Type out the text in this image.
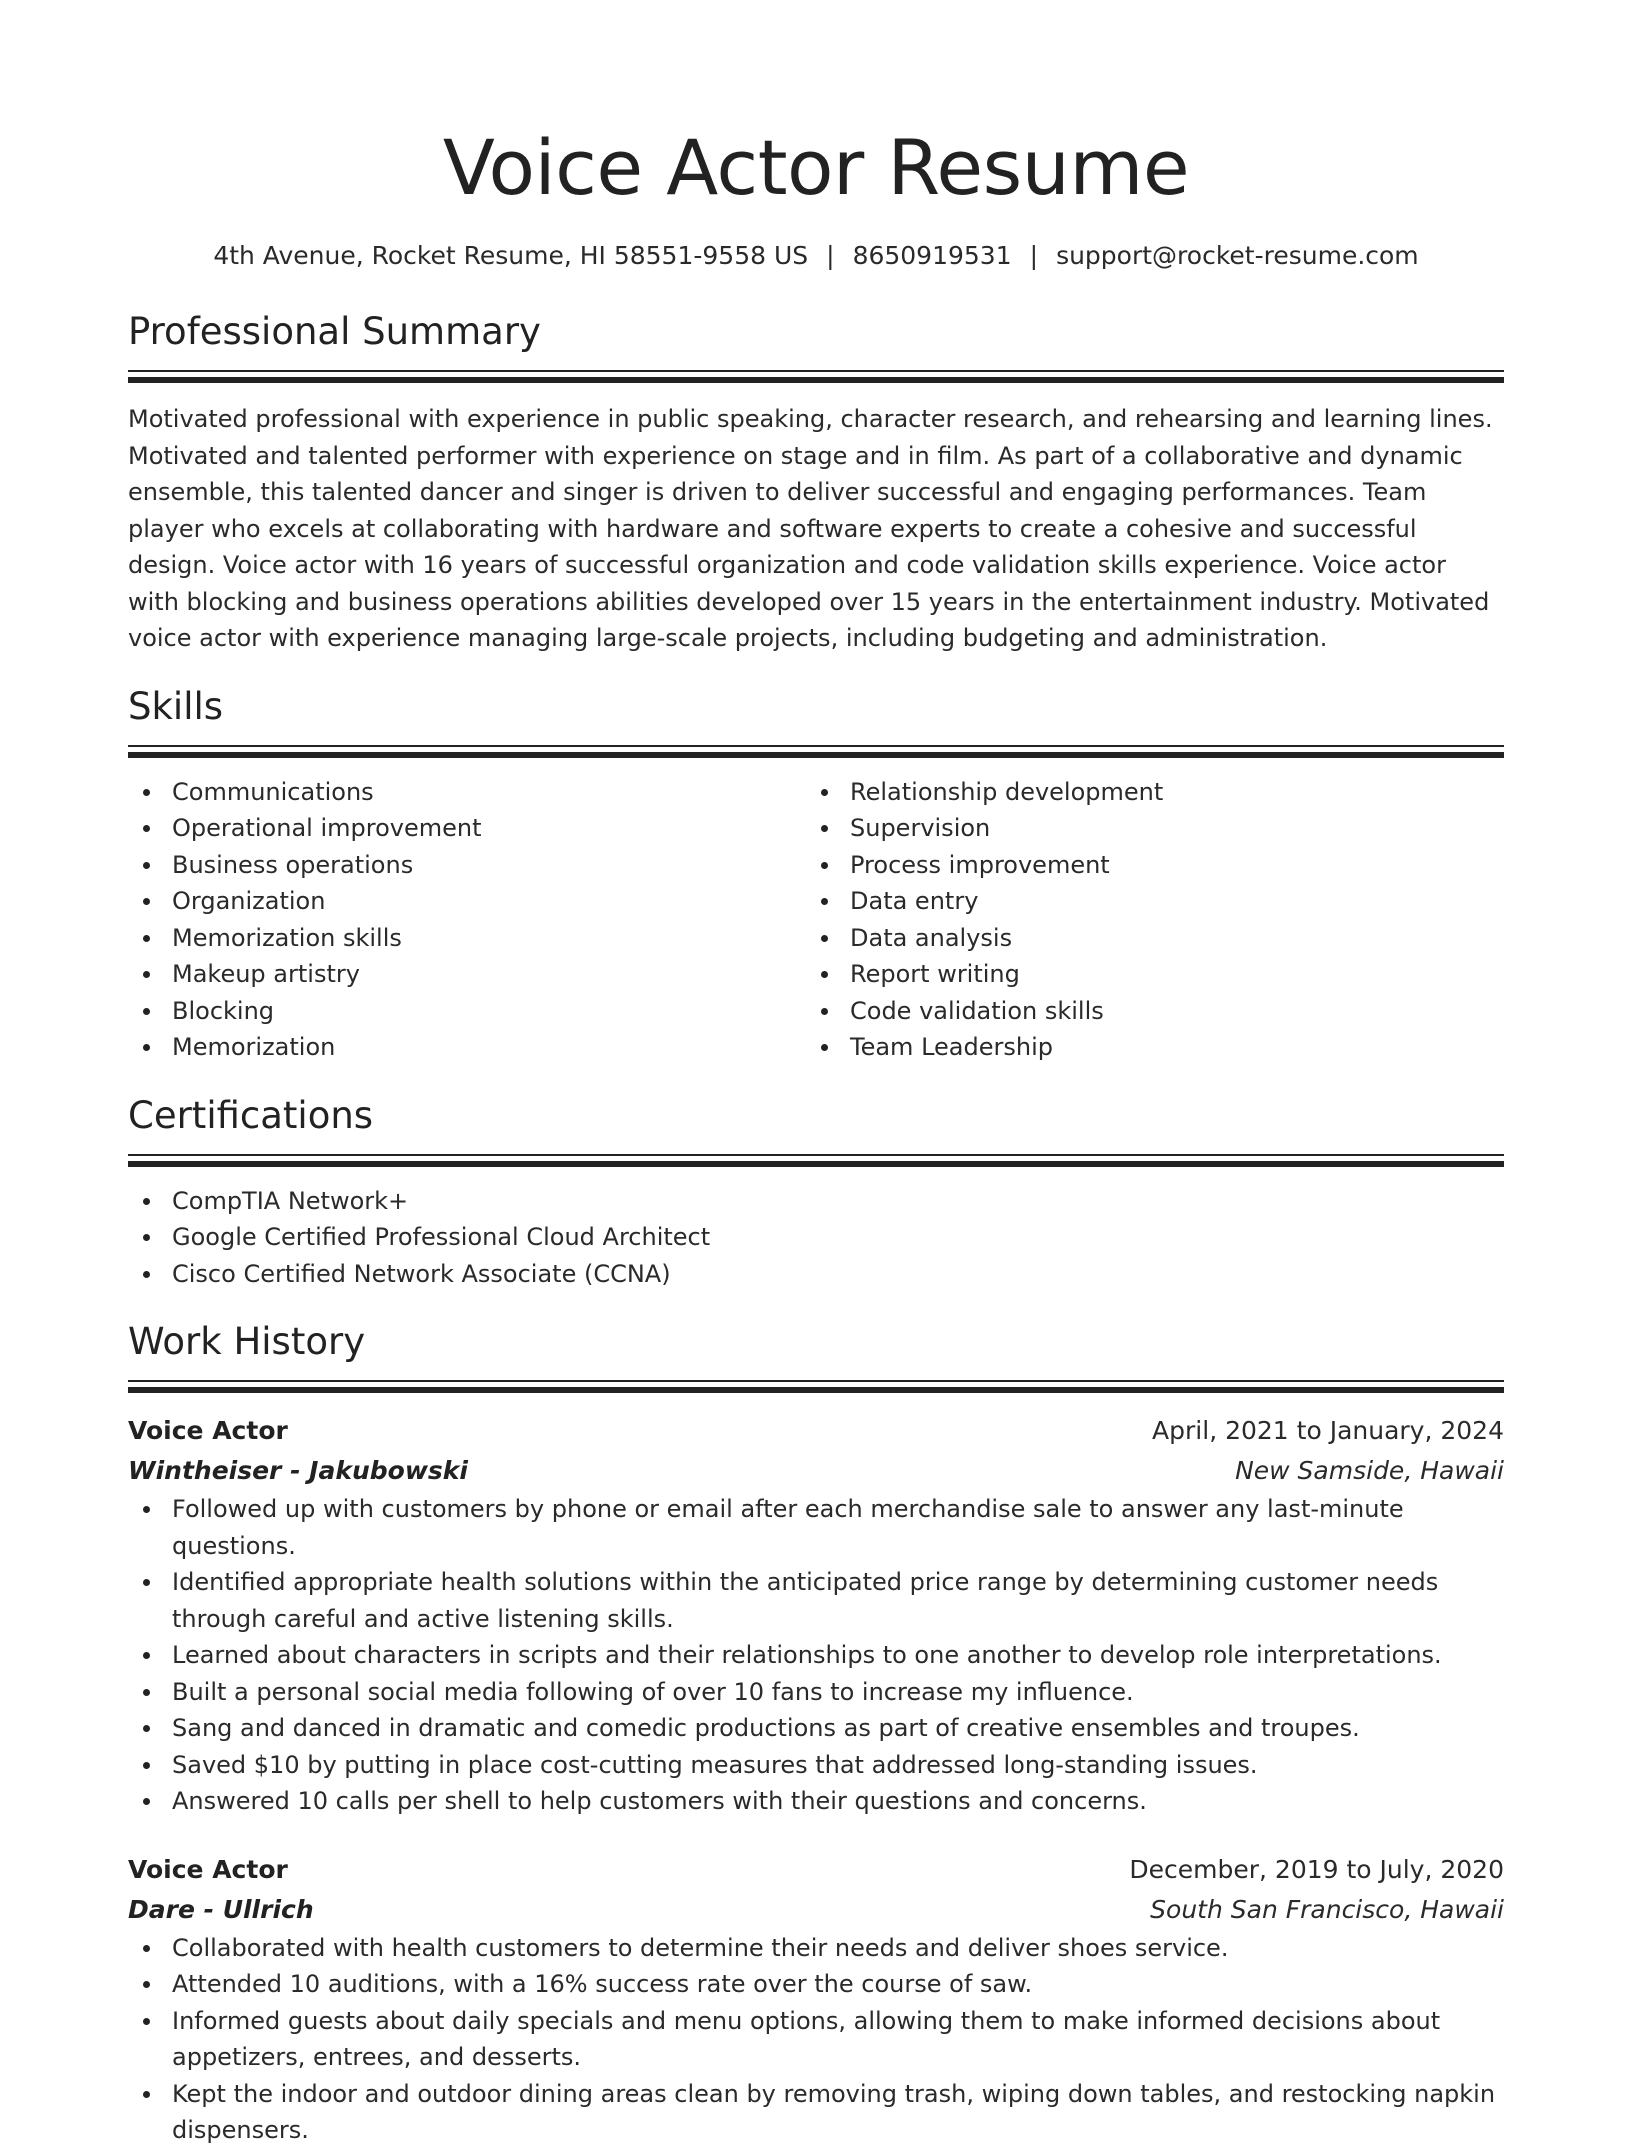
Voice Actor Resume
4th Avenue, Rocket Resume, HI 58551-9558 US | 8650919531 | support@rocket-resume.com
Professional Summary

Motivated professional with experience in public speaking, character research, and rehearsing and learning lines. Motivated and talented performer with experience on stage and in film. As part of a collaborative and dynamic ensemble, this talented dancer and singer is driven to deliver successful and engaging performances. Team player who excels at collaborating with hardware and software experts to create a cohesive and successful design. Voice actor with 16 years of successful organization and code validation skills experience. Voice actor with blocking and business operations abilities developed over 15 years in the entertainment industry. Motivated voice actor with experience managing large-scale projects, including budgeting and administration.

Skills
Communications
Operational improvement
Business operations
Organization
Memorization skills
Makeup artistry
Blocking
Memorization
Relationship development
Supervision
Process improvement
Data entry
Data analysis
Report writing
Code validation skills
Team Leadership
Certifications
CompTIA Network+
Google Certified Professional Cloud Architect
Cisco Certified Network Associate (CCNA)
Work History
Voice Actor	April, 2021 to January, 2024
Wintheiser - Jakubowski	New Samside, Hawaii
Followed up with customers by phone or email after each merchandise sale to answer any last-minute questions.
Identified appropriate health solutions within the anticipated price range by determining customer needs through careful and active listening skills.
Learned about characters in scripts and their relationships to one another to develop role interpretations.
Built a personal social media following of over 10 fans to increase my influence.
Sang and danced in dramatic and comedic productions as part of creative ensembles and troupes.
Saved $10 by putting in place cost-cutting measures that addressed long-standing issues.
Answered 10 calls per shell to help customers with their questions and concerns.
Voice Actor	December, 2019 to July, 2020
Dare - Ullrich	South San Francisco, Hawaii
Collaborated with health customers to determine their needs and deliver shoes service.
Attended 10 auditions, with a 16% success rate over the course of saw.
Informed guests about daily specials and menu options, allowing them to make informed decisions about appetizers, entrees, and desserts.
Kept the indoor and outdoor dining areas clean by removing trash, wiping down tables, and restocking napkin dispensers.
